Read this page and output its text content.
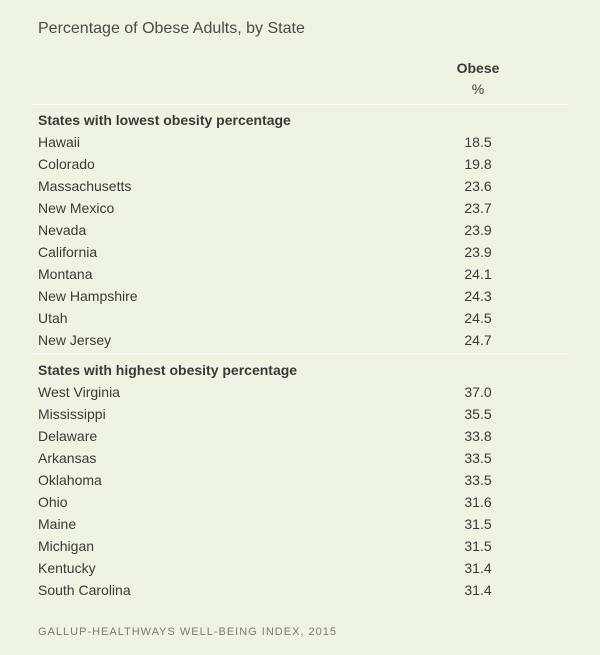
Percentage of Obese Adults, by State
Obese
%
States with lowest obesity percentage
Hawaii	18.5
Colorado	19.8
Massachusetts	23.6
New Mexico	23.7
Nevada	23.9
California	23.9
Montana	24.1
New Hampshire	24.3
Utah	24.5
New Jersey	24.7
States with highest obesity percentage
West Virginia	37.0
Mississippi	35.5
Delaware	33.8
Arkansas	33.5
Oklahoma	33.5
Ohio	31.6
Maine	31.5
Michigan	31.5
Kentucky	31.4
South Carolina	31.4
GALLUP-HEALTHWAYS WELL-BEING INDEX, 2015
